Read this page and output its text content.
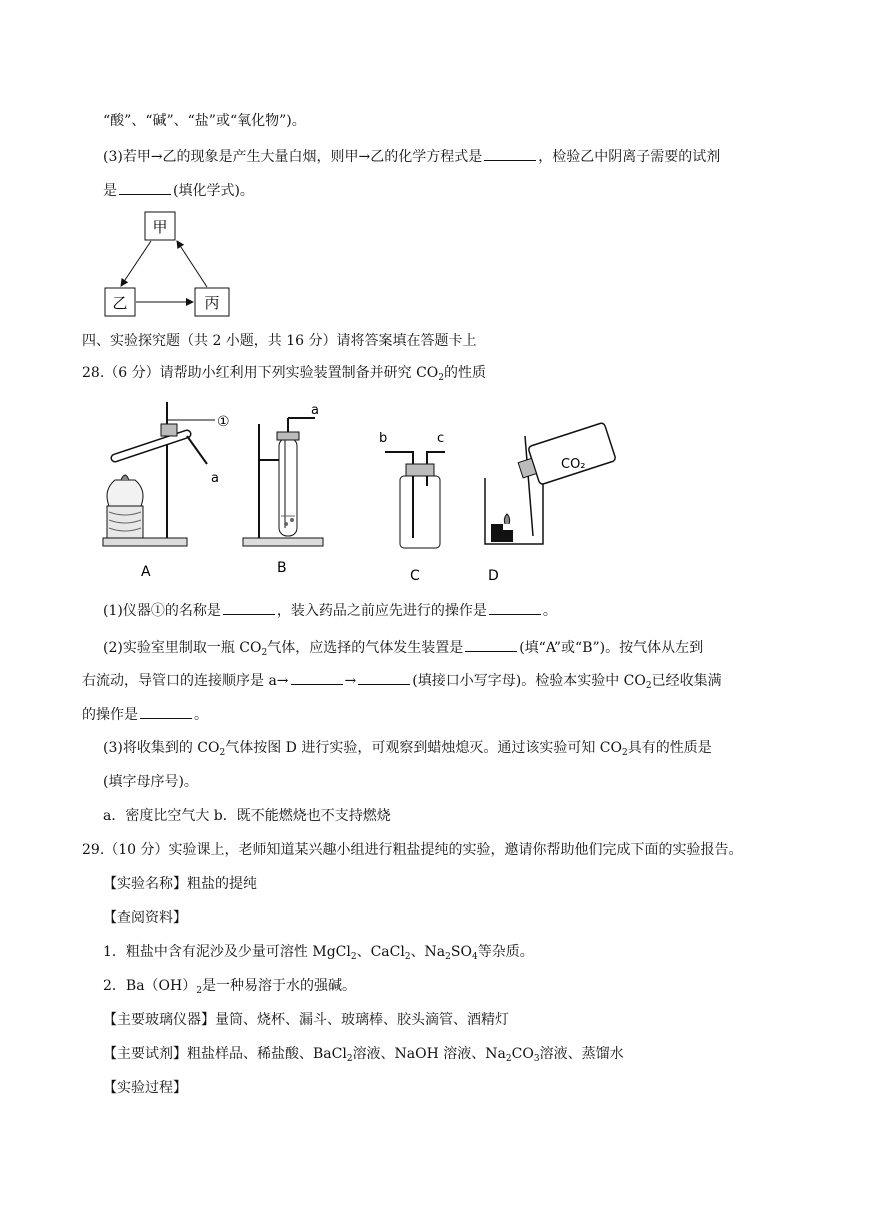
“酸”、“碱”、“盐”或“氧化物”)。
(3)若甲→乙的现象是产生大量白烟，则甲→乙的化学方程式是	，检验乙中阴离子需要的试剂
是	(填化学式)。
甲
乙	丙
四、实验探究题（共 2 小题，共 16 分）请将答案填在答题卡上
28.（6 分）请帮助小红利用下列实验装置制备并研究 $CO_2$的性质
a
A
①
a
B
b	c
C
CO₂
D
(1)仪器①的名称是	，装入药品之前应先进行的操作是	。
(2)实验室里制取一瓶 $CO_2$气体，应选择的气体发生装置是	(填“A”或“B”)。按气体从左到
右流动，导管口的连接顺序是 a→	→	(填接口小写字母)。检验本实验中 $CO_2$已经收集满
的操作是	。
(3)将收集到的 $CO_2$气体按图 D 进行实验，可观察到蜡烛熄灭。通过该实验可知 $CO_2$具有的性质是
(填字母序号)。
a．密度比空气大 b．既不能燃烧也不支持燃烧
29.（10 分）实验课上，老师知道某兴趣小组进行粗盐提纯的实验，邀请你帮助他们完成下面的实验报告。
【实验名称】粗盐的提纯
【查阅资料】
1．粗盐中含有泥沙及少量可溶性 MgCl$_2$、CaCl$_2$、$Na_2SO_4$等杂质。
2．$Ba(OH)_2$是一种易溶于水的强碱。
【主要玻璃仪器】量筒、烧杯、漏斗、玻璃棒、胶头滴管、酒精灯
【主要试剂】粗盐样品、稀盐酸、BaCl$_2$溶液、NaOH 溶液、$Na_2CO_3$溶液、蒸馏水
【实验过程】
